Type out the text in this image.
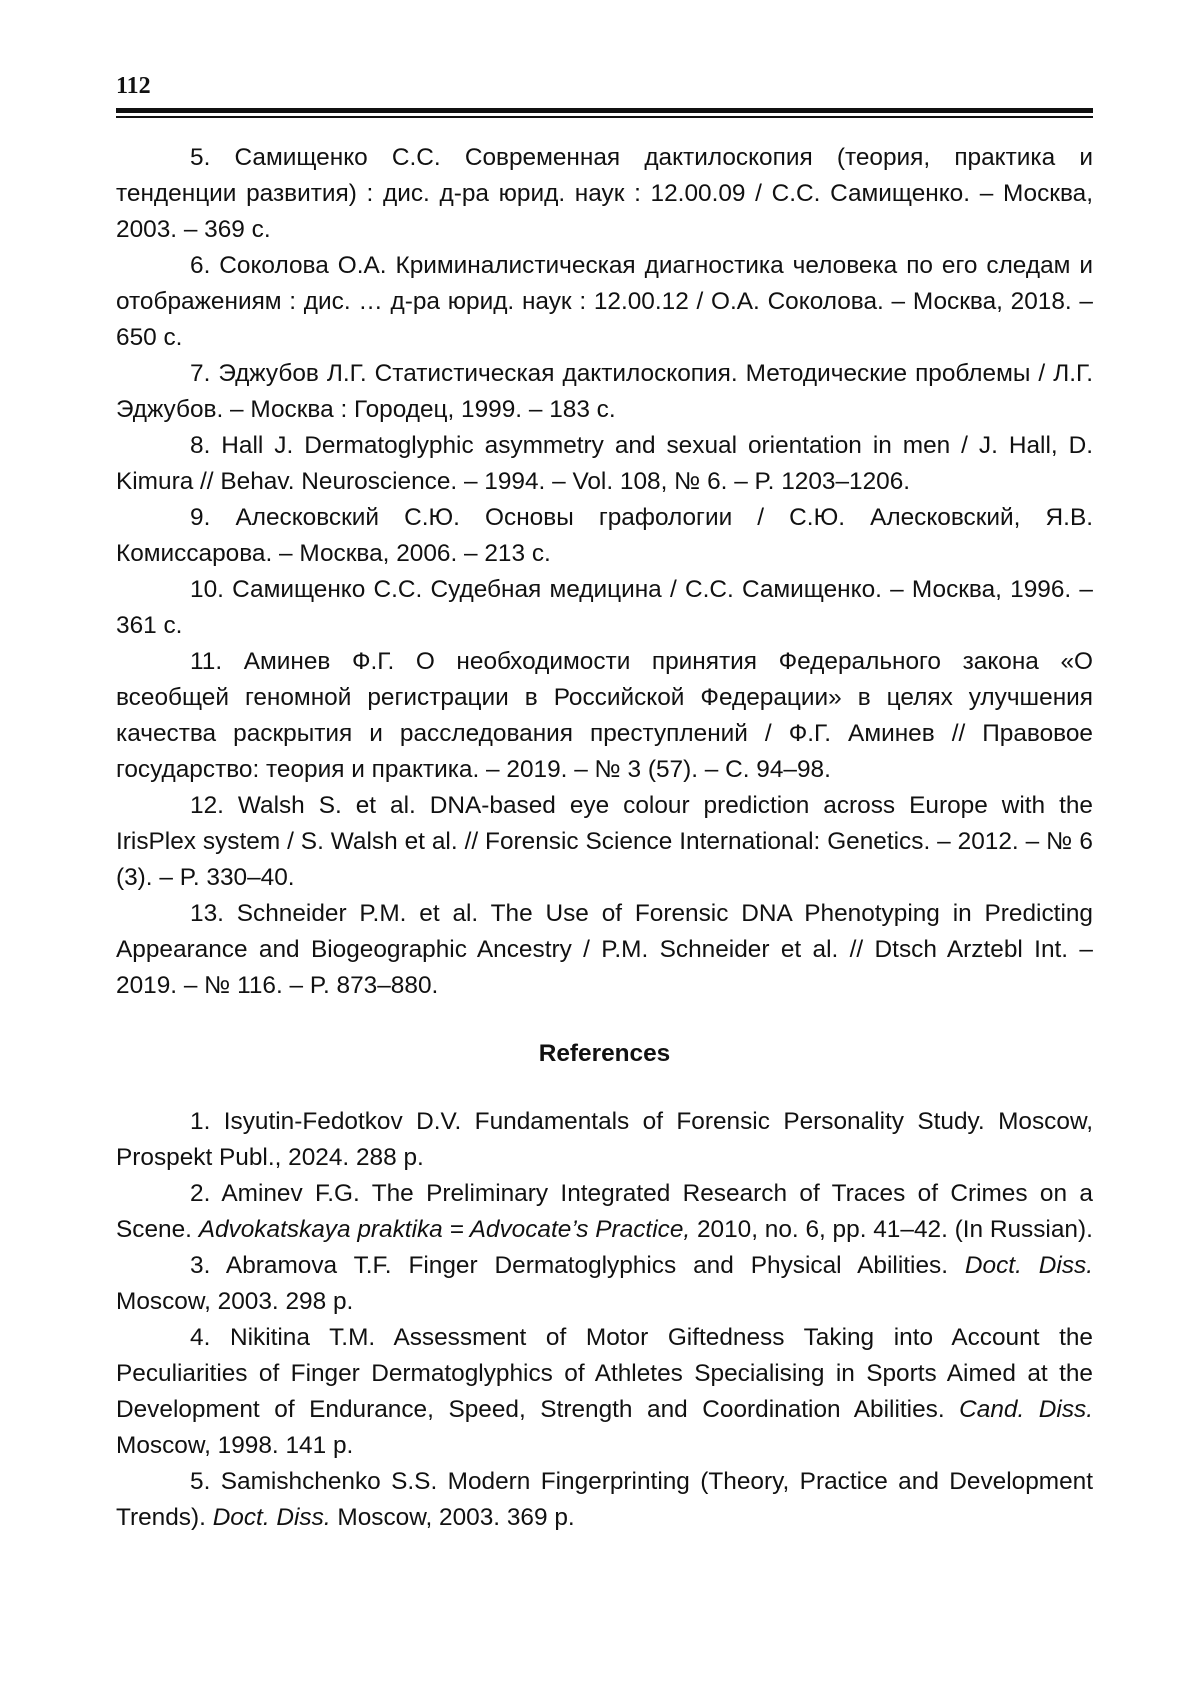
112

5. Самищенко С.С. Современная дактилоскопия (теория, практика и тенденции развития) : дис. д-ра юрид. наук : 12.00.09 / С.С. Самищенко. – Москва, 2003. – 369 с.

6. Соколова О.А. Криминалистическая диагностика человека по его следам и отображениям : дис. … д-ра юрид. наук : 12.00.12 / О.А. Соколова. – Москва, 2018. – 650 с.

7. Эджубов Л.Г. Статистическая дактилоскопия. Методические проблемы / Л.Г. Эджубов. – Москва : Городец, 1999. – 183 с.

8. Hall J. Dermatoglyphic asymmetry and sexual orientation in men / J. Hall, D. Kimura // Behav. Neuroscience. – 1994. – Vol. 108, № 6. – P. 1203–1206.

9. Алесковский С.Ю. Основы графологии / С.Ю. Алесковский, Я.В. Комиссарова. – Москва, 2006. – 213 с.

10. Самищенко С.С. Судебная медицина / С.С. Самищенко. – Москва, 1996. – 361 с.

11. Аминев Ф.Г. О необходимости принятия Федерального закона «О всеобщей геномной регистрации в Российской Федерации» в целях улучшения качества раскрытия и расследования преступлений / Ф.Г. Аминев // Правовое государство: теория и практика. – 2019. – № 3 (57). – С. 94–98.

12. Walsh S. et al. DNA-based eye colour prediction across Europe with the IrisPlex system / S. Walsh et al. // Forensic Science International: Genetics. – 2012. – № 6 (3). – P. 330–40.

13. Schneider P.M. et al. The Use of Forensic DNA Phenotyping in Predicting Appearance and Biogeographic Ancestry / P.M. Schneider et al. // Dtsch Arztebl Int. – 2019. – № 116. – P. 873–880.

References

1. Isyutin-Fedotkov D.V. Fundamentals of Forensic Personality Study. Moscow, Prospekt Publ., 2024. 288 p.

2. Aminev F.G. The Preliminary Integrated Research of Traces of Crimes on a Scene. Advokatskaya praktika = Advocate’s Practice, 2010, no. 6, pp. 41–42. (In Russian).

3. Abramova T.F. Finger Dermatoglyphics and Physical Abilities. Doct. Diss. Moscow, 2003. 298 p.

4. Nikitina T.M. Assessment of Motor Giftedness Taking into Account the Peculiarities of Finger Dermatoglyphics of Athletes Specialising in Sports Aimed at the Development of Endurance, Speed, Strength and Coordination Abilities. Cand. Diss. Moscow, 1998. 141 p.

5. Samishchenko S.S. Modern Fingerprinting (Theory, Practice and Development Trends). Doct. Diss. Moscow, 2003. 369 p.
